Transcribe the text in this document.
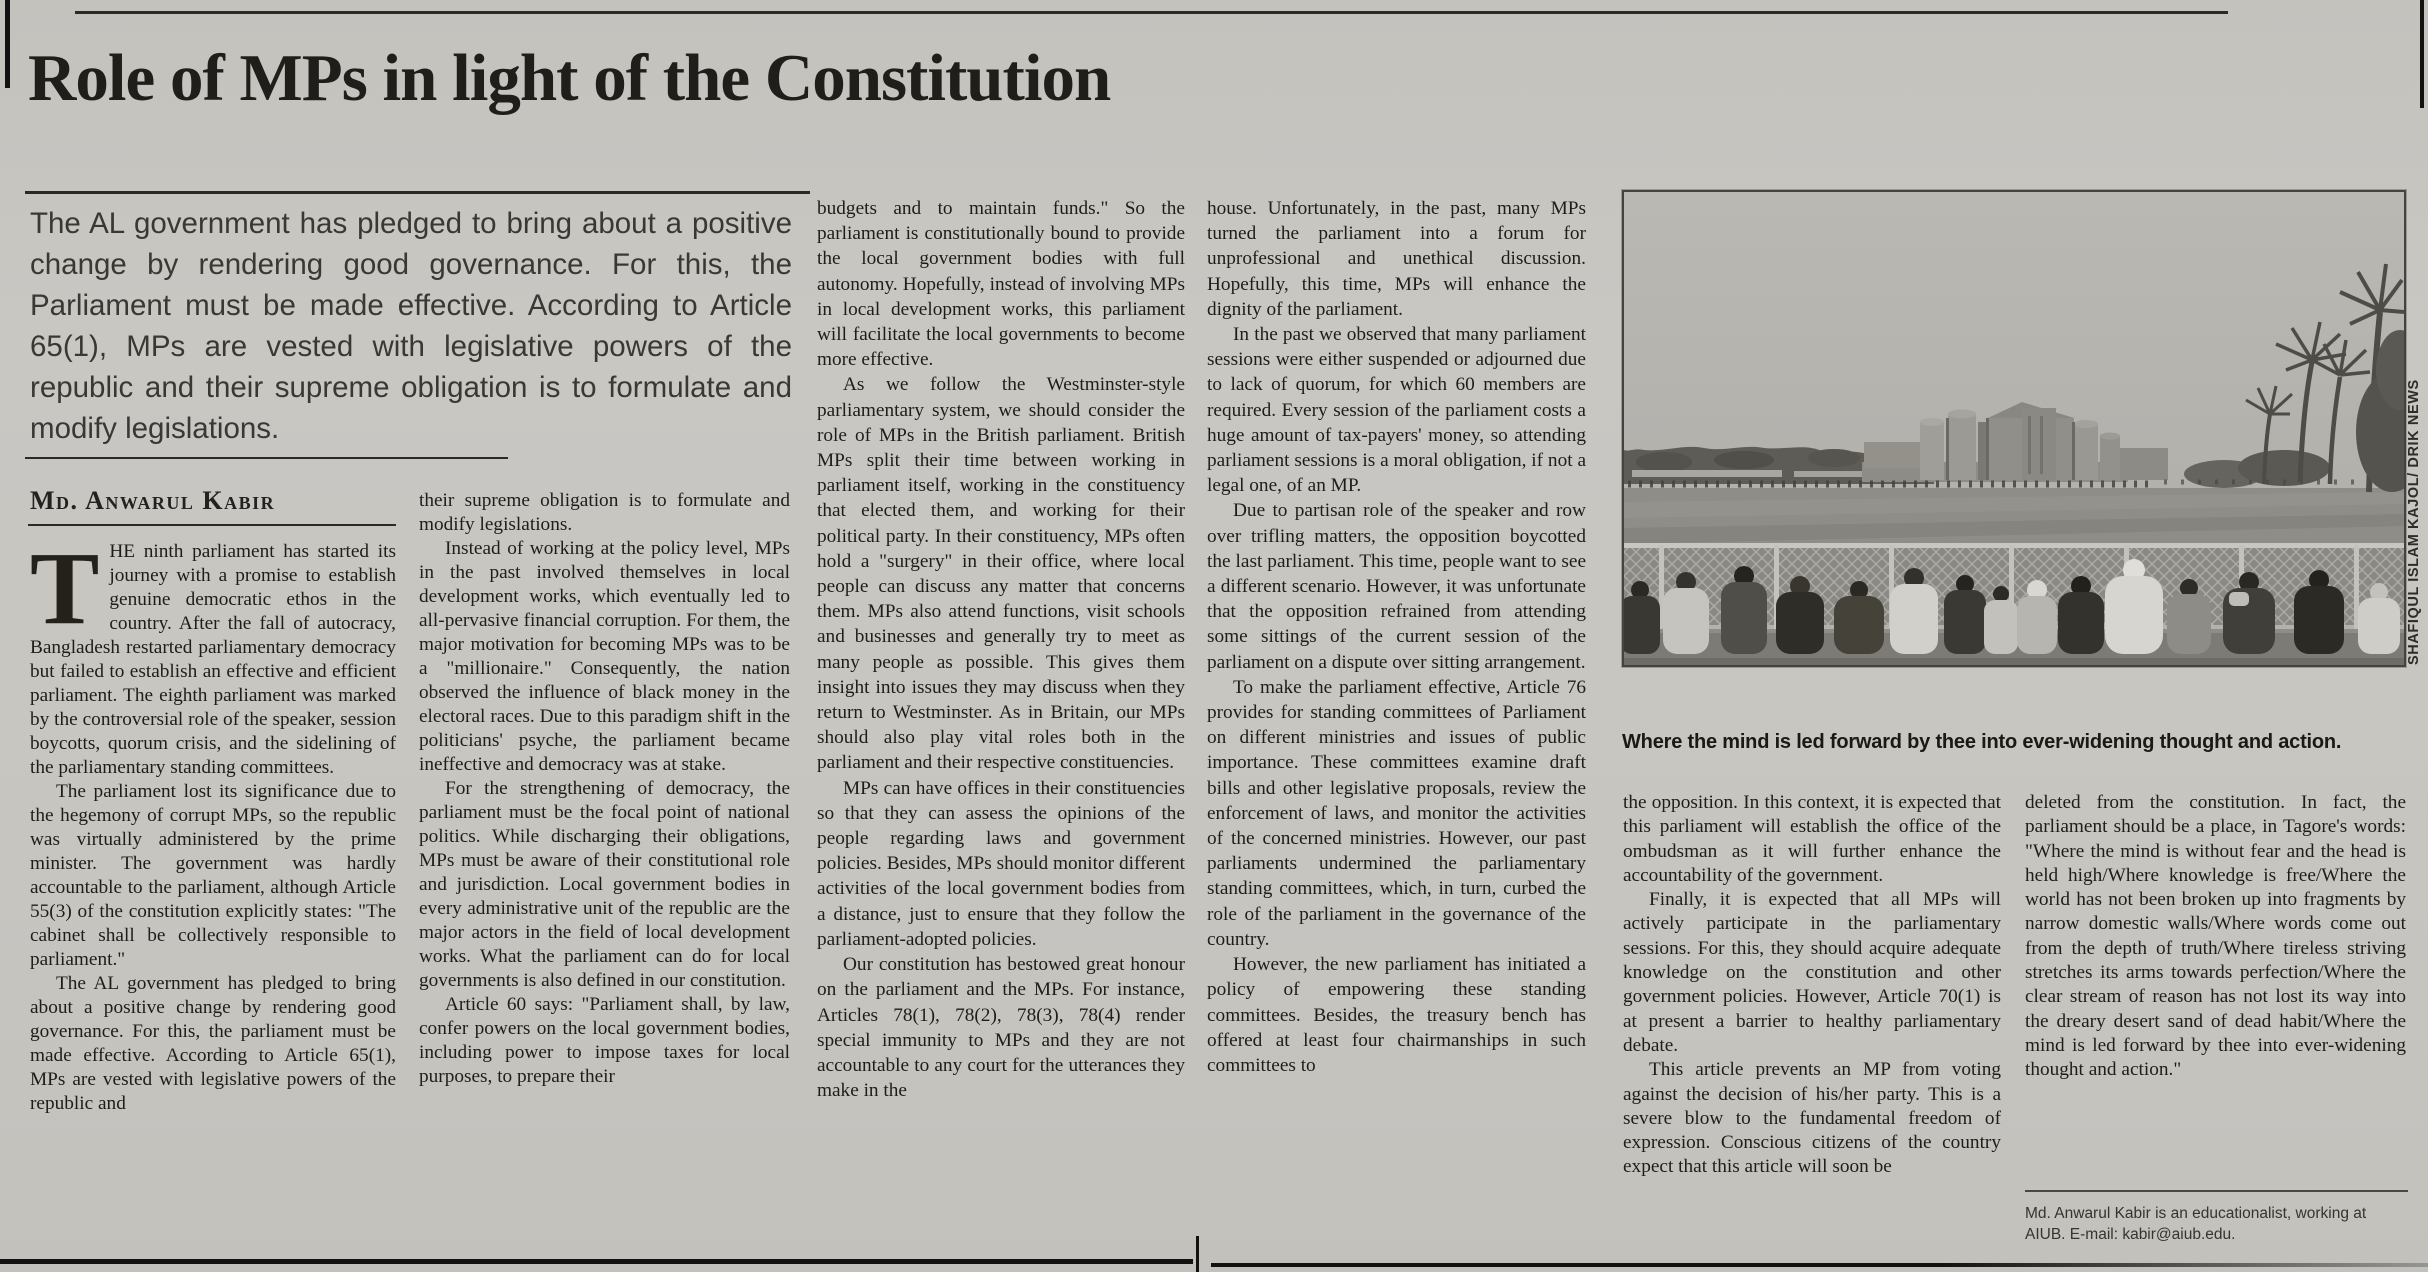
Role of MPs in light of the Constitution
The AL government has pledged to bring about a positive change by rendering good governance. For this, the Parliament must be made effective. According to Article 65(1), MPs are vested with legislative powers of the republic and their supreme obligation is to formulate and modify legislations.
Md. Anwarul Kabir

THE ninth parliament has started its journey with a promise to establish genuine democratic ethos in the country. After the fall of autocracy, Bangladesh restarted parliamentary democracy but failed to establish an effective and efficient parliament. The eighth parliament was marked by the controversial role of the speaker, session boycotts, quorum crisis, and the sidelining of the parliamentary standing committees.

The parliament lost its significance due to the hegemony of corrupt MPs, so the republic was virtually administered by the prime minister. The government was hardly accountable to the parliament, although Article 55(3) of the constitution explicitly states: "The cabinet shall be collectively responsible to parliament."

The AL government has pledged to bring about a positive change by rendering good governance. For this, the parliament must be made effective. According to Article 65(1), MPs are vested with legislative powers of the republic and

their supreme obligation is to formulate and modify legislations.

Instead of working at the policy level, MPs in the past involved themselves in local development works, which eventually led to all-pervasive financial corruption. For them, the major motivation for becoming MPs was to be a "millionaire." Consequently, the nation observed the influence of black money in the electoral races. Due to this paradigm shift in the politicians' psyche, the parliament became ineffective and democracy was at stake.

For the strengthening of democracy, the parliament must be the focal point of national politics. While discharging their obligations, MPs must be aware of their constitutional role and jurisdiction. Local government bodies in every administrative unit of the republic are the major actors in the field of local development works. What the parliament can do for local governments is also defined in our constitution.

Article 60 says: "Parliament shall, by law, confer powers on the local government bodies, including power to impose taxes for local purposes, to prepare their

budgets and to maintain funds." So the parliament is constitutionally bound to provide the local government bodies with full autonomy. Hopefully, instead of involving MPs in local development works, this parliament will facilitate the local governments to become more effective.

As we follow the Westminster-style parliamentary system, we should consider the role of MPs in the British parliament. British MPs split their time between working in parliament itself, working in the constituency that elected them, and working for their political party. In their constituency, MPs often hold a "surgery" in their office, where local people can discuss any matter that concerns them. MPs also attend functions, visit schools and businesses and generally try to meet as many people as possible. This gives them insight into issues they may discuss when they return to Westminster. As in Britain, our MPs should also play vital roles both in the parliament and their respective constituencies.

MPs can have offices in their constituencies so that they can assess the opinions of the people regarding laws and government policies. Besides, MPs should monitor different activities of the local government bodies from a distance, just to ensure that they follow the parliament-adopted policies.

Our constitution has bestowed great honour on the parliament and the MPs. For instance, Articles 78(1), 78(2), 78(3), 78(4) render special immunity to MPs and they are not accountable to any court for the utterances they make in the

house. Unfortunately, in the past, many MPs turned the parliament into a forum for unprofessional and unethical discussion. Hopefully, this time, MPs will enhance the dignity of the parliament.

In the past we observed that many parliament sessions were either suspended or adjourned due to lack of quorum, for which 60 members are required. Every session of the parliament costs a huge amount of tax-payers' money, so attending parliament sessions is a moral obligation, if not a legal one, of an MP.

Due to partisan role of the speaker and row over trifling matters, the opposition boycotted the last parliament. This time, people want to see a different scenario. However, it was unfortunate that the opposition refrained from attending some sittings of the current session of the parliament on a dispute over sitting arrangement.

To make the parliament effective, Article 76 provides for standing committees of Parliament on different ministries and issues of public importance. These committees examine draft bills and other legislative proposals, review the enforcement of laws, and monitor the activities of the concerned ministries. However, our past parliaments undermined the parliamentary standing committees, which, in turn, curbed the role of the parliament in the governance of the country.

However, the new parliament has initiated a policy of empowering these standing committees. Besides, the treasury bench has offered at least four chairmanships in such committees to

SHAFIQUL ISLAM KAJOL/ DRIK NEWS
Where the mind is led forward by thee into ever-widening thought and action.

the opposition. In this context, it is expected that this parliament will establish the office of the ombudsman as it will further enhance the accountability of the government.

Finally, it is expected that all MPs will actively participate in the parliamentary sessions. For this, they should acquire adequate knowledge on the constitution and other government policies. However, Article 70(1) is at present a barrier to healthy parliamentary debate.

This article prevents an MP from voting against the decision of his/her party. This is a severe blow to the fundamental freedom of expression. Conscious citizens of the country expect that this article will soon be

deleted from the constitution. In fact, the parliament should be a place, in Tagore's words: "Where the mind is without fear and the head is held high/Where knowledge is free/Where the world has not been broken up into fragments by narrow domestic walls/Where words come out from the depth of truth/Where tireless striving stretches its arms towards perfection/Where the clear stream of reason has not lost its way into the dreary desert sand of dead habit/Where the mind is led forward by thee into ever-widening thought and action."

Md. Anwarul Kabir is an educationalist, working at AIUB. E-mail: kabir@aiub.edu.
